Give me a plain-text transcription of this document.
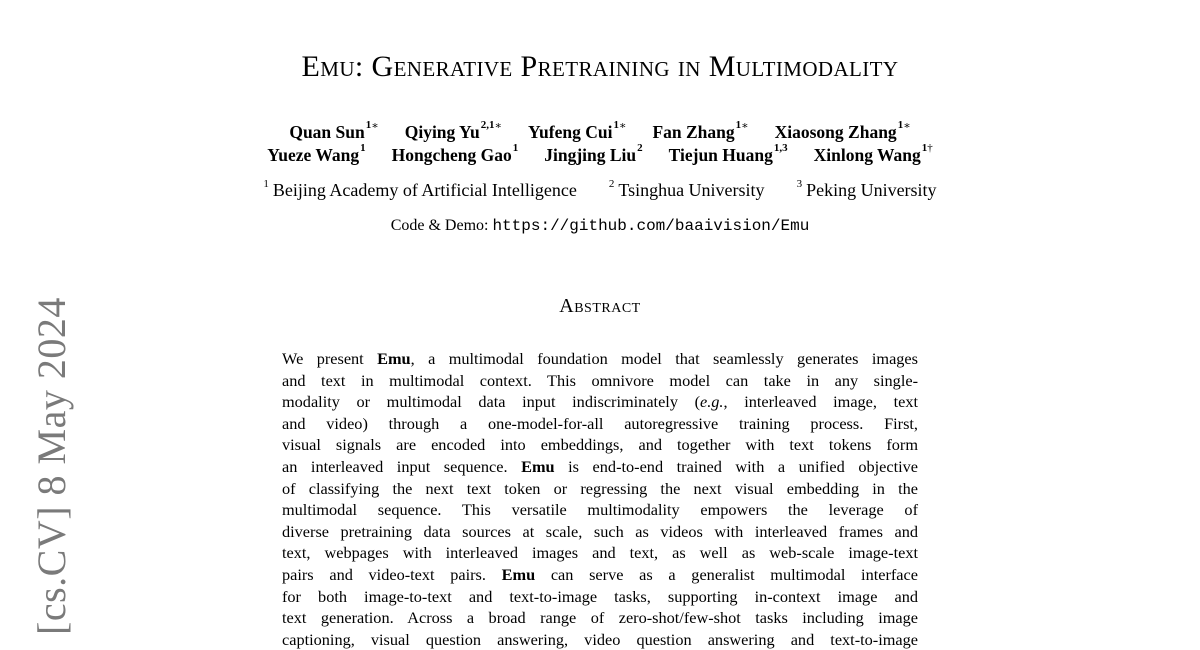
[cs.CV] 8 May 2024
Emu: Generative Pretraining in Multimodality
Quan Sun$^{1∗}$ Qiying $Yu^{2,1∗}$ Yufeng Cui$^{1∗}$ Fan Zhang$^{1∗}$ Xiaosong Zhang$^{1∗}$
Yueze Wang$^1$ Hongcheng Gao$^1$ Jingjing Liu$^2$ Tiejun Huang$^{1,3}$ Xinlong Wang$^{1\dagger}$
$^1$ Beijing Academy of Artificial Intelligence	$^2$ Tsinghua University	$^3$ Peking University
Code & Demo: https://github.com/baaivision/Emu
Abstract
We present Emu, a multimodal foundation model that seamlessly generates images
and text in multimodal context. This omnivore model can take in any single-
modality or multimodal data input indiscriminately (e.g., interleaved image, text
and video) through a one-model-for-all autoregressive training process. First,
visual signals are encoded into embeddings, and together with text tokens form
an interleaved input sequence. Emu is end-to-end trained with a unified objective
of classifying the next text token or regressing the next visual embedding in the
multimodal sequence. This versatile multimodality empowers the leverage of
diverse pretraining data sources at scale, such as videos with interleaved frames and
text, webpages with interleaved images and text, as well as web-scale image-text
pairs and video-text pairs. Emu can serve as a generalist multimodal interface
for both image-to-text and text-to-image tasks, supporting in-context image and
text generation. Across a broad range of zero-shot/few-shot tasks including image
captioning, visual question answering, video question answering and text-to-image
